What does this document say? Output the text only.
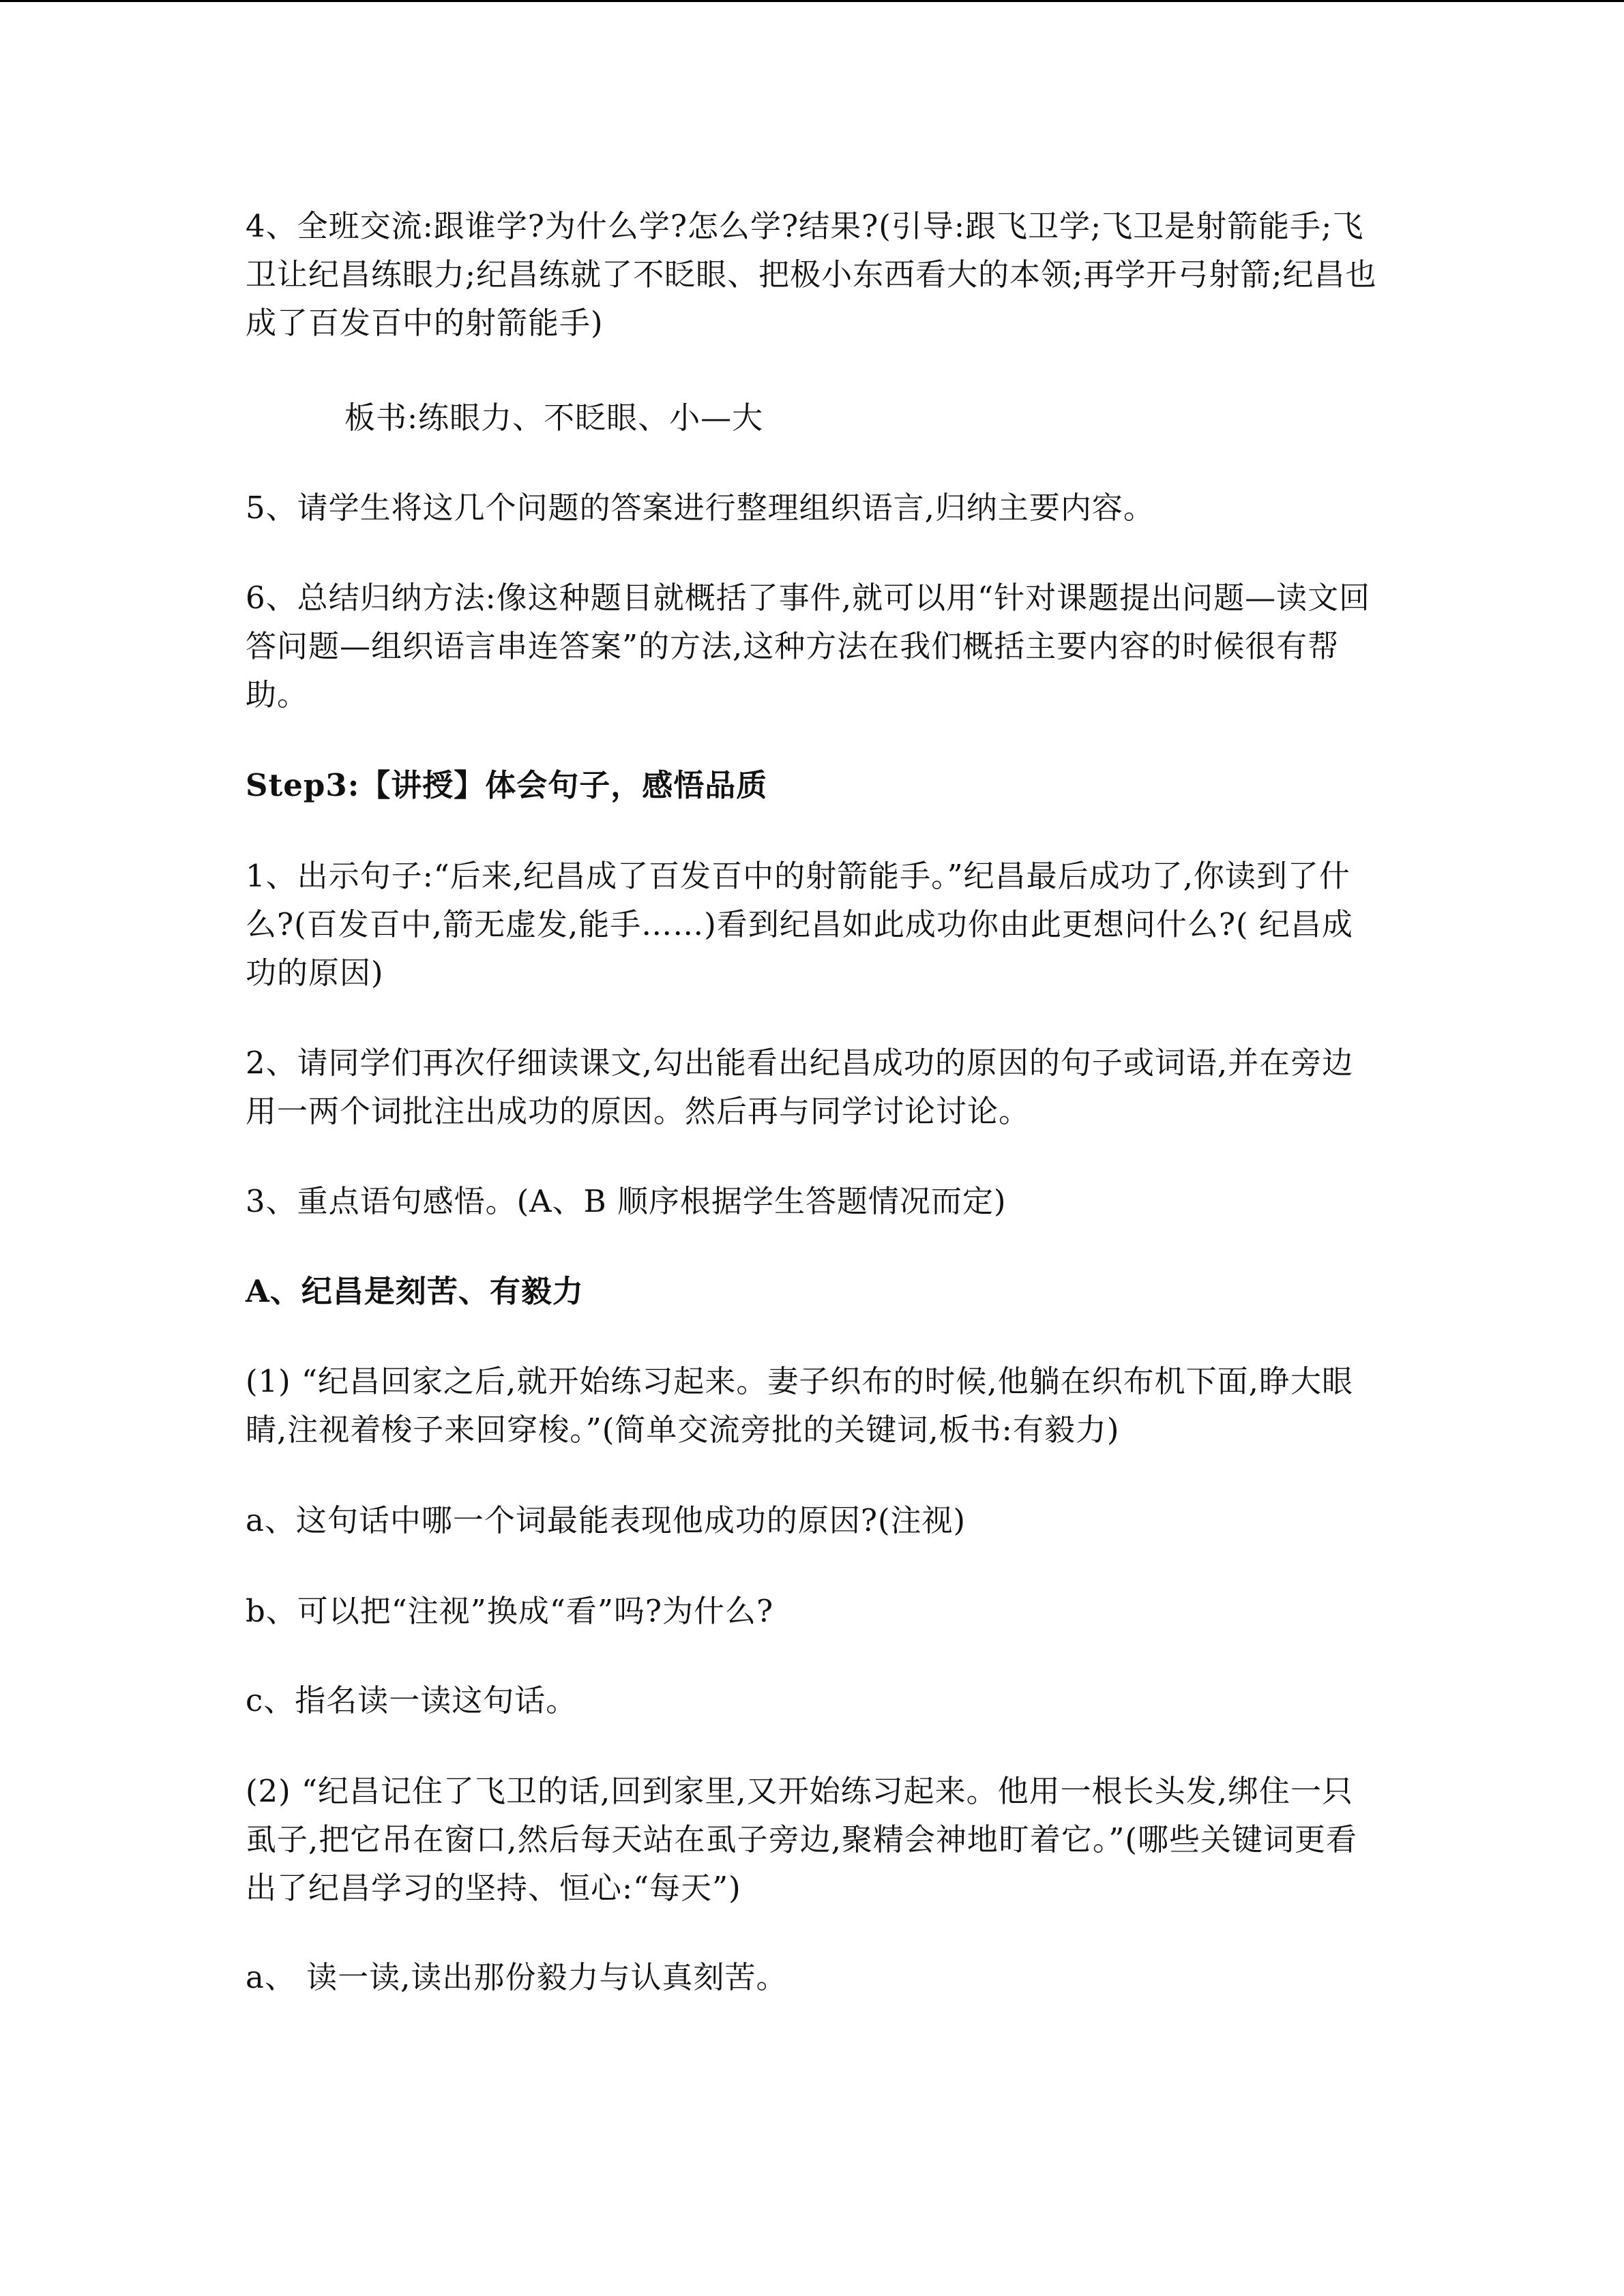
4、全班交流:跟谁学?为什么学?怎么学?结果?(引导:跟飞卫学;飞卫是射箭能手;飞卫让纪昌练眼力;纪昌练就了不眨眼、把极小东西看大的本领;再学开弓射箭;纪昌也成了百发百中的射箭能手)

板书:练眼力、不眨眼、小—大

5、请学生将这几个问题的答案进行整理组织语言,归纳主要内容。

6、总结归纳方法:像这种题目就概括了事件,就可以用“针对课题提出问题—读文回答问题—组织语言串连答案”的方法,这种方法在我们概括主要内容的时候很有帮助。

Step3:【讲授】体会句子，感悟品质

1、出示句子:“后来,纪昌成了百发百中的射箭能手。”纪昌最后成功了,你读到了什么?(百发百中,箭无虚发,能手……)看到纪昌如此成功你由此更想问什么?( 纪昌成功的原因)

2、请同学们再次仔细读课文,勾出能看出纪昌成功的原因的句子或词语,并在旁边用一两个词批注出成功的原因。然后再与同学讨论讨论。

3、重点语句感悟。(A、B 顺序根据学生答题情况而定)

A、纪昌是刻苦、有毅力

(1) “纪昌回家之后,就开始练习起来。妻子织布的时候,他躺在织布机下面,睁大眼睛,注视着梭子来回穿梭。”(简单交流旁批的关键词,板书:有毅力)

a、这句话中哪一个词最能表现他成功的原因?(注视)

b、可以把“注视”换成“看”吗?为什么?

c、指名读一读这句话。

(2) “纪昌记住了飞卫的话,回到家里,又开始练习起来。他用一根长头发,绑住一只虱子,把它吊在窗口,然后每天站在虱子旁边,聚精会神地盯着它。”(哪些关键词更看出了纪昌学习的坚持、恒心:“每天”)

a、 读一读,读出那份毅力与认真刻苦。
